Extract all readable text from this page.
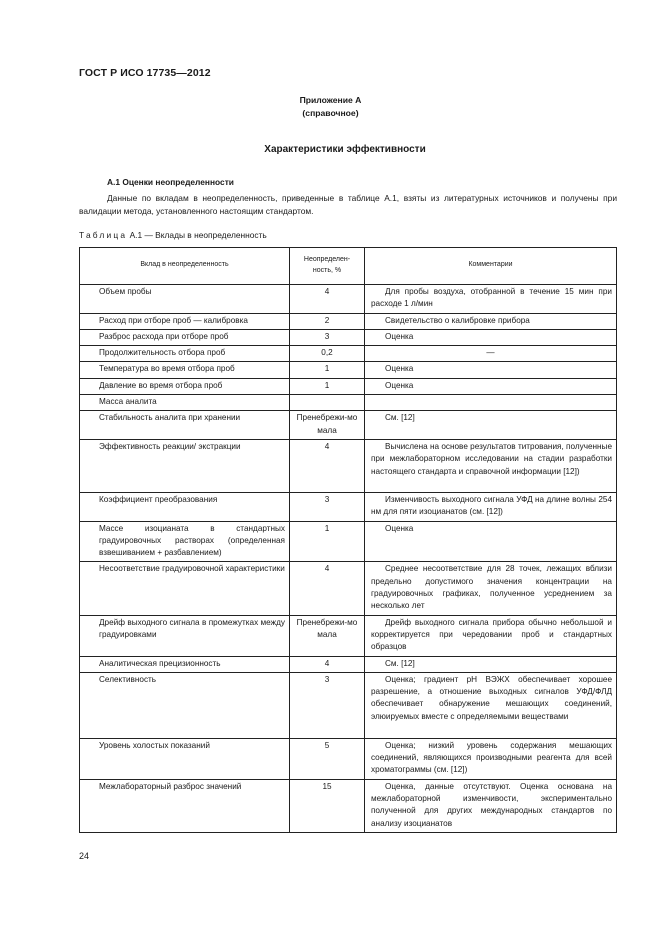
ГОСТ Р ИСО 17735—2012
Приложение А
(справочное)
Характеристики эффективности
А.1 Оценки неопределенности

Данные по вкладам в неопределенность, приведенные в таблице А.1, взяты из литературных источников и получены при валидации метода, установленного настоящим стандартом.

Таблица А.1 — Вклады в неопределенность
Вклад в неопределенность	Неопределен-ность, %	Комментарии
Объем пробы	4	Для пробы воздуха, отобранной в течение 15 мин при расходе 1 л/мин
Расход при отборе проб — калибровка	2	Свидетельство о калибровке прибора
Разброс расхода при отборе проб	3	Оценка
Продолжительность отбора проб	0,2	—
Температура во время отбора проб	1	Оценка
Давление во время отбора проб	1	Оценка
Масса аналита		
Стабильность аналита при хранении	Пренебрежи-мо мала	См. [12]
Эффективность реакции/ экстракции	4	Вычислена на основе результатов титрования, полученные при межлабораторном исследовании на стадии разработки настоящего стандарта и справочной информации [12])
Коэффициент преобразования	3	Изменчивость выходного сигнала УФД на длине волны 254 нм для пяти изоцианатов (см. [12])
Массе изоцианата в стандартных градуировочных растворах (определенная взвешиванием + разбавлением)	1	Оценка
Несоответствие градуировочной характеристики	4	Среднее несоответствие для 28 точек, лежащих вблизи предельно допустимого значения концентрации на градуировочных графиках, полученное усреднением за несколько лет
Дрейф выходного сигнала в промежутках между градуировками	Пренебрежи-мо мала	Дрейф выходного сигнала прибора обычно небольшой и корректируется при чередовании проб и стандартных образцов
Аналитическая прецизионность	4	См. [12]
Селективность	3	Оценка; градиент рН ВЭЖХ обеспечивает хорошее разрешение, а отношение выходных сигналов УФД/ФЛД обеспечивает обнаружение мешающих соединений, элюируемых вместе с определяемыми веществами
Уровень холостых показаний	5	Оценка; низкий уровень содержания мешающих соединений, являющихся производными реагента для всей хроматограммы (см. [12])
Межлабораторный разброс значений	15	Оценка, данные отсутствуют. Оценка основана на межлабораторной изменчивости, экспериментально полученной для других международных стандартов по анализу изоцианатов
24
